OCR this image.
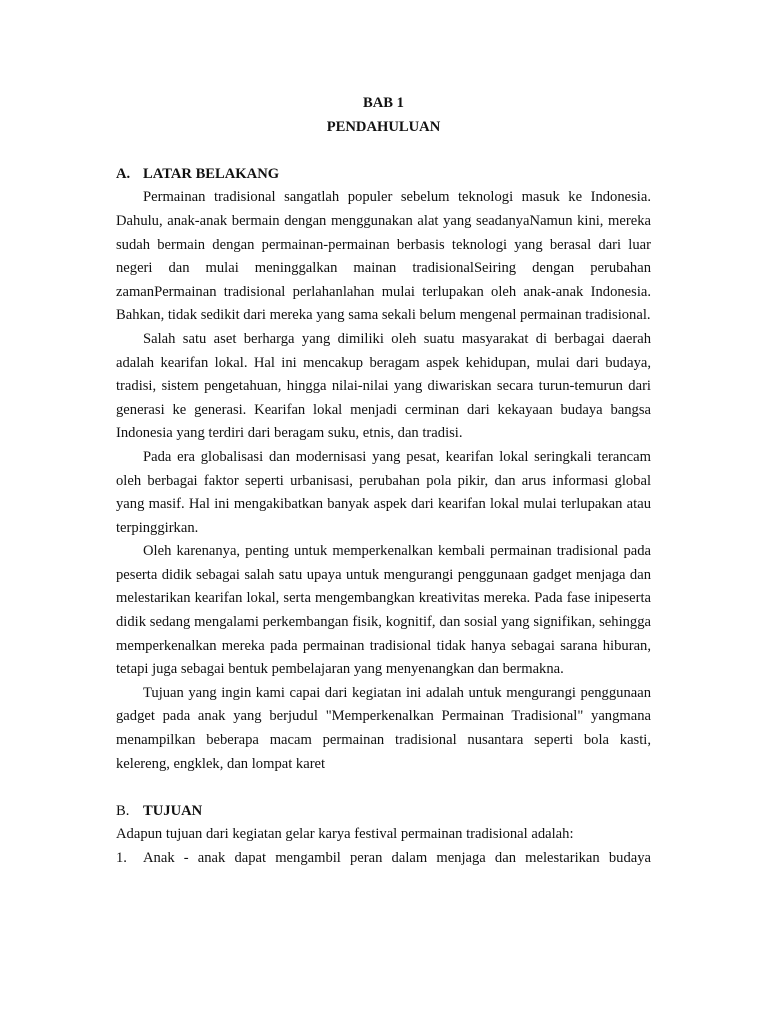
BAB 1

PENDAHULUAN

A. LATAR BELAKANG

Permainan tradisional sangatlah populer sebelum teknologi masuk ke Indonesia. Dahulu, anak-anak bermain dengan menggunakan alat yang seadanyaNamun kini, mereka sudah bermain dengan permainan-permainan berbasis teknologi yang berasal dari luar negeri dan mulai meninggalkan mainan tradisionalSeiring dengan perubahan zamanPermainan tradisional perlahanlahan mulai terlupakan oleh anak-anak Indonesia. Bahkan, tidak sedikit dari mereka yang sama sekali belum mengenal permainan tradisional.

Salah satu aset berharga yang dimiliki oleh suatu masyarakat di berbagai daerah adalah kearifan lokal. Hal ini mencakup beragam aspek kehidupan, mulai dari budaya, tradisi, sistem pengetahuan, hingga nilai-nilai yang diwariskan secara turun-temurun dari generasi ke generasi. Kearifan lokal menjadi cerminan dari kekayaan budaya bangsa Indonesia yang terdiri dari beragam suku, etnis, dan tradisi.

Pada era globalisasi dan modernisasi yang pesat, kearifan lokal seringkali terancam oleh berbagai faktor seperti urbanisasi, perubahan pola pikir, dan arus informasi global yang masif. Hal ini mengakibatkan banyak aspek dari kearifan lokal mulai terlupakan atau terpinggirkan.

Oleh karenanya, penting untuk memperkenalkan kembali permainan tradisional pada peserta didik sebagai salah satu upaya untuk mengurangi penggunaan gadget menjaga dan melestarikan kearifan lokal, serta mengembangkan kreativitas mereka. Pada fase inipeserta didik sedang mengalami perkembangan fisik, kognitif, dan sosial yang signifikan, sehingga memperkenalkan mereka pada permainan tradisional tidak hanya sebagai sarana hiburan, tetapi juga sebagai bentuk pembelajaran yang menyenangkan dan bermakna.

Tujuan yang ingin kami capai dari kegiatan ini adalah untuk mengurangi penggunaan gadget pada anak yang berjudul "Memperkenalkan Permainan Tradisional" yangmana menampilkan beberapa macam permainan tradisional nusantara seperti bola kasti, kelereng, engklek, dan lompat karet

B. TUJUAN

Adapun tujuan dari kegiatan gelar karya festival permainan tradisional adalah:

1.	Anak - anak dapat mengambil peran dalam menjaga dan melestarikan budaya
